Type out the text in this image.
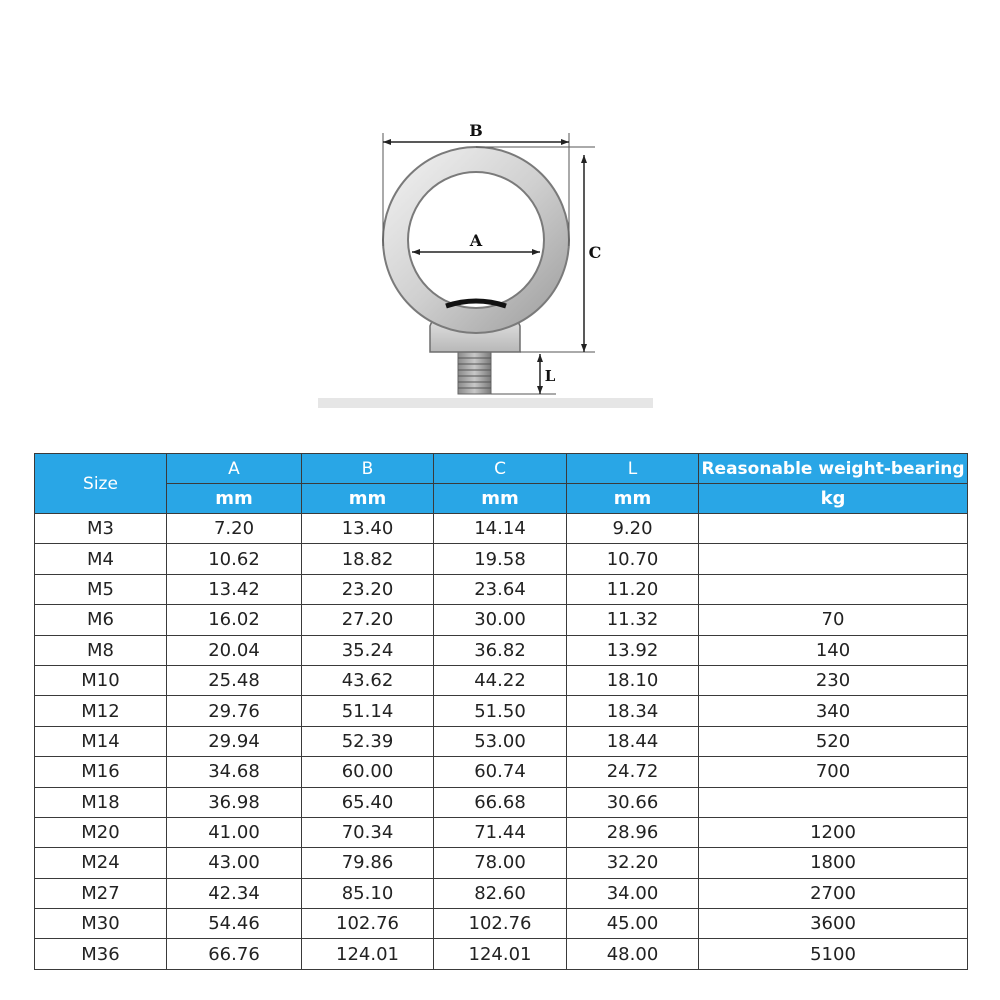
A
B
C
L
Size	A	B	C	L	Reasonable weight-bearing
	mm	mm	mm	mm	kg
M3	7.20	13.40	14.14	9.20	
M4	10.62	18.82	19.58	10.70	
M5	13.42	23.20	23.64	11.20	
M6	16.02	27.20	30.00	11.32	70
M8	20.04	35.24	36.82	13.92	140
M10	25.48	43.62	44.22	18.10	230
M12	29.76	51.14	51.50	18.34	340
M14	29.94	52.39	53.00	18.44	520
M16	34.68	60.00	60.74	24.72	700
M18	36.98	65.40	66.68	30.66	
M20	41.00	70.34	71.44	28.96	1200
M24	43.00	79.86	78.00	32.20	1800
M27	42.34	85.10	82.60	34.00	2700
M30	54.46	102.76	102.76	45.00	3600
M36	66.76	124.01	124.01	48.00	5100
